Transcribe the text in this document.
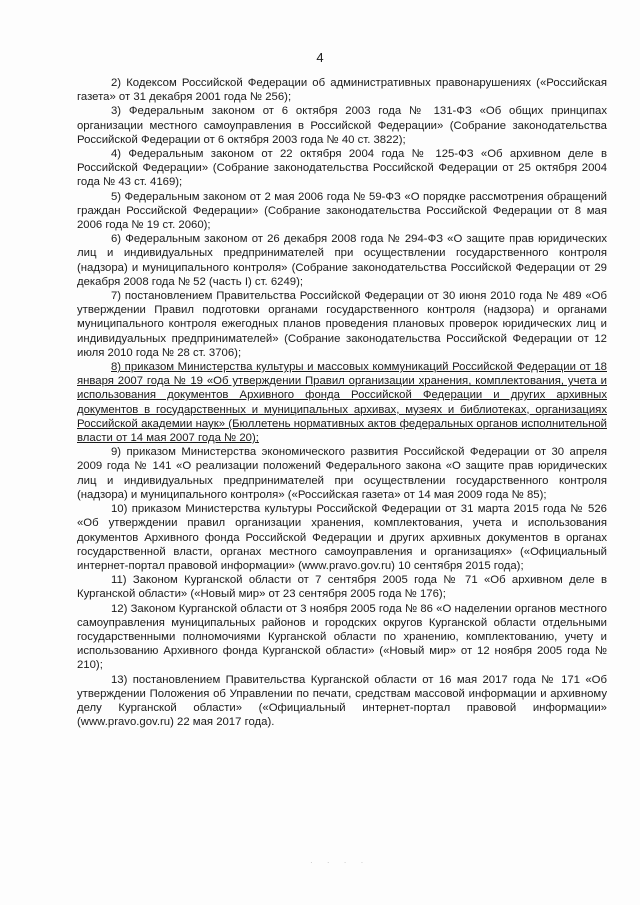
4

2) Кодексом Российской Федерации об административных правонарушениях («Российская газета» от 31 декабря 2001 года № 256);

3) Федеральным законом от 6 октября 2003 года № 131-ФЗ «Об общих принципах организации местного самоуправления в Российской Федерации» (Собрание законодательства Российской Федерации от 6 октября 2003 года № 40 ст. 3822);

4) Федеральным законом от 22 октября 2004 года № 125-ФЗ «Об архивном деле в Российской Федерации» (Собрание законодательства Российской Федерации от 25 октября 2004 года № 43 ст. 4169);

5) Федеральным законом от 2 мая 2006 года № 59-ФЗ «О порядке рассмотрения обращений граждан Российской Федерации» (Собрание законодательства Российской Федерации от 8 мая 2006 года № 19 ст. 2060);

6) Федеральным законом от 26 декабря 2008 года № 294-ФЗ «О защите прав юридических лиц и индивидуальных предпринимателей при осуществлении государственного контроля (надзора) и муниципального контроля» (Собрание законодательства Российской Федерации от 29 декабря 2008 года № 52 (часть I) ст. 6249);

7) постановлением Правительства Российской Федерации от 30 июня 2010 года № 489 «Об утверждении Правил подготовки органами государственного контроля (надзора) и органами муниципального контроля ежегодных планов проведения плановых проверок юридических лиц и индивидуальных предпринимателей» (Собрание законодательства Российской Федерации от 12 июля 2010 года № 28 ст. 3706);

8) приказом Министерства культуры и массовых коммуникаций Российской Федерации от 18 января 2007 года № 19 «Об утверждении Правил организации хранения, комплектования, учета и использования документов Архивного фонда Российской Федерации и других архивных документов в государственных и муниципальных архивах, музеях и библиотеках, организациях Российской академии наук» (Бюллетень нормативных актов федеральных органов исполнительной власти от 14 мая 2007 года № 20);

9) приказом Министерства экономического развития Российской Федерации от 30 апреля 2009 года № 141 «О реализации положений Федерального закона «О защите прав юридических лиц и индивидуальных предпринимателей при осуществлении государственного контроля (надзора) и муниципального контроля» («Российская газета» от 14 мая 2009 года № 85);

10) приказом Министерства культуры Российской Федерации от 31 марта 2015 года № 526 «Об утверждении правил организации хранения, комплектования, учета и использования документов Архивного фонда Российской Федерации и других архивных документов в органах государственной власти, органах местного самоуправления и организациях» («Официальный интернет-портал правовой информации» (www.pravo.gov.ru) 10 сентября 2015 года);

11) Законом Курганской области от 7 сентября 2005 года № 71 «Об архивном деле в Курганской области» («Новый мир» от 23 сентября 2005 года № 176);

12) Законом Курганской области от 3 ноября 2005 года № 86 «О наделении органов местного самоуправления муниципальных районов и городских округов Курганской области отдельными государственными полномочиями Курганской области по хранению, комплектованию, учету и использованию Архивного фонда Курганской области» («Новый мир» от 12 ноября 2005 года № 210);

13) постановлением Правительства Курганской области от 16 мая 2017 года № 171 «Об утверждении Положения об Управлении по печати, средствам массовой информации и архивному делу Курганской области» («Официальный интернет-портал правовой информации» (www.pravo.gov.ru) 22 мая 2017 года).

· · · ·
